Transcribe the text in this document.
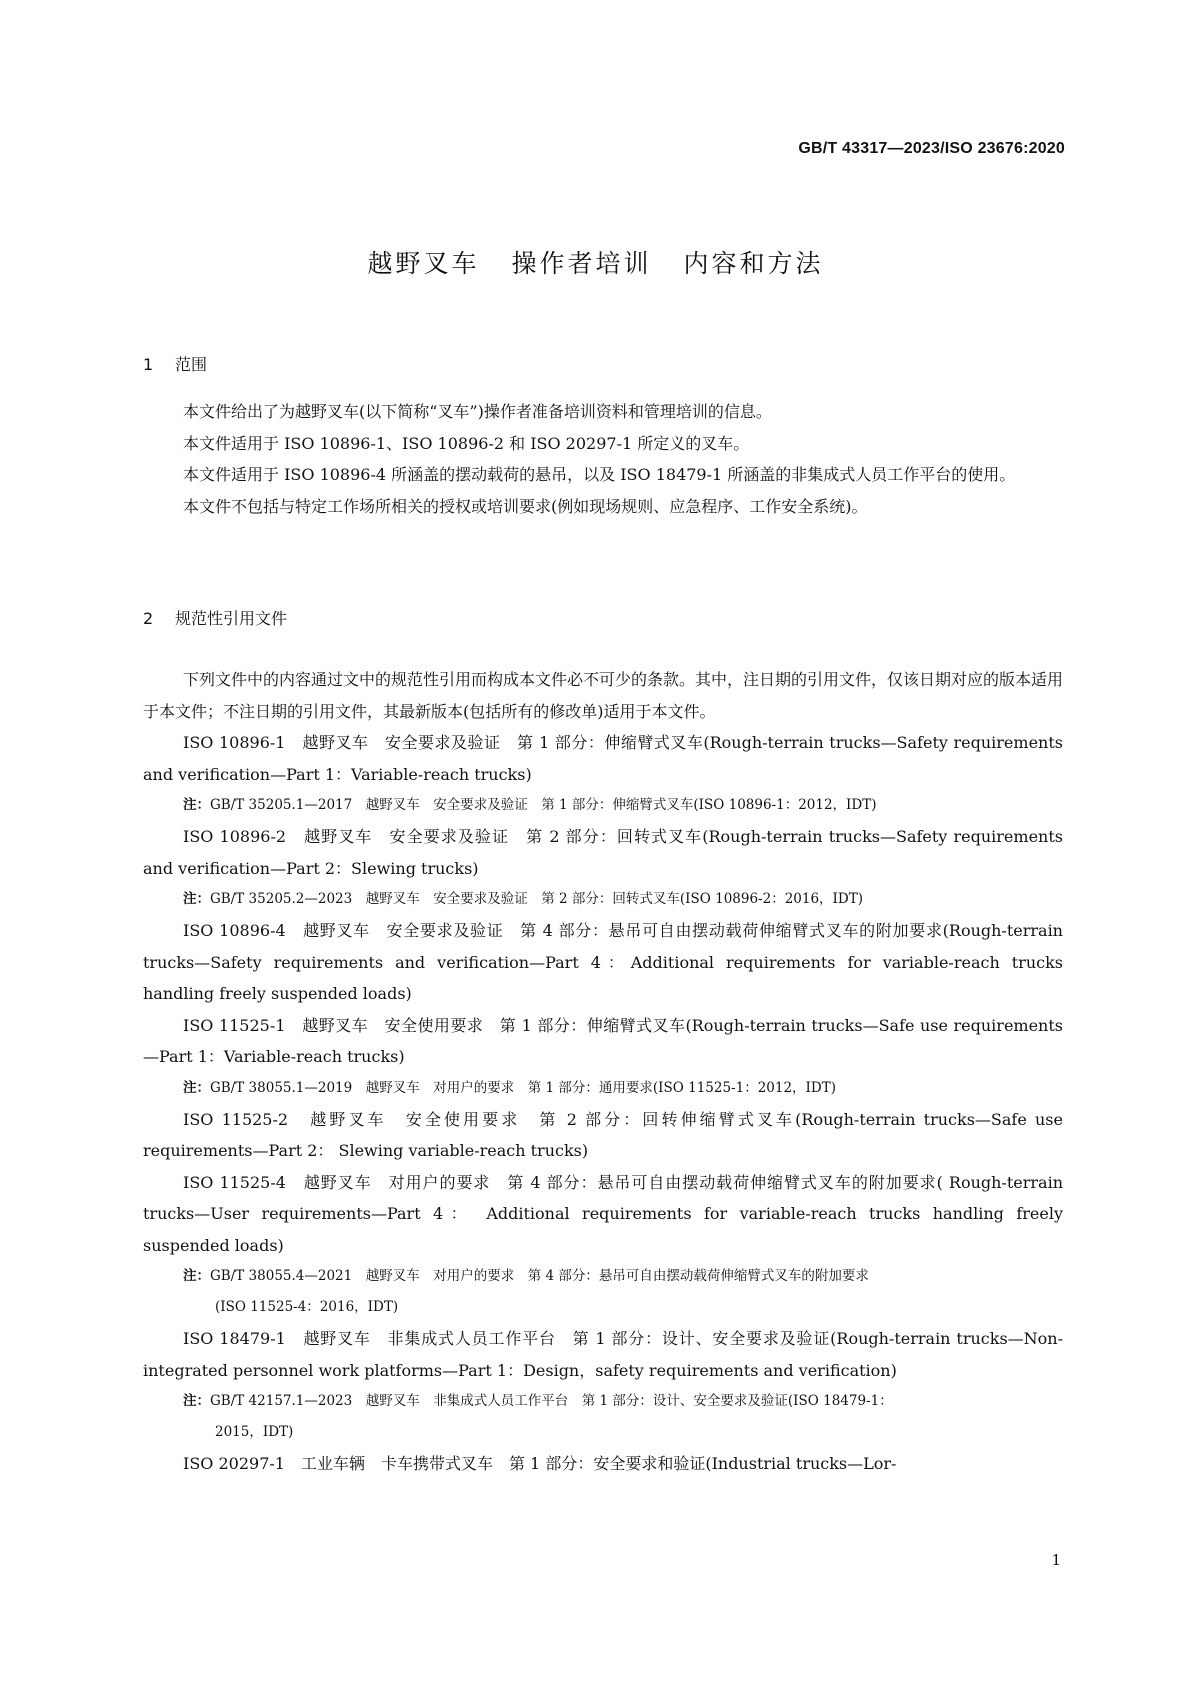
GB/T 43317—2023/ISO 23676:2020
越野叉车 操作者培训 内容和方法
1 范围

本文件给出了为越野叉车(以下简称“叉车”)操作者准备培训资料和管理培训的信息。

本文件适用于 ISO 10896-1、ISO 10896-2 和 ISO 20297-1 所定义的叉车。

本文件适用于 ISO 10896-4 所涵盖的摆动载荷的悬吊，以及 ISO 18479-1 所涵盖的非集成式人员工作平台的使用。

本文件不包括与特定工作场所相关的授权或培训要求(例如现场规则、应急程序、工作安全系统)。

2 规范性引用文件

下列文件中的内容通过文中的规范性引用而构成本文件必不可少的条款。其中，注日期的引用文件，仅该日期对应的版本适用于本文件；不注日期的引用文件，其最新版本(包括所有的修改单)适用于本文件。

ISO 10896-1　越野叉车　安全要求及验证　第 1 部分：伸缩臂式叉车(Rough-terrain trucks—Safety requirements and verification—Part 1：Variable-reach trucks)

注：GB/T 35205.1—2017　越野叉车　安全要求及验证　第 1 部分：伸缩臂式叉车(ISO 10896-1：2012，IDT)

ISO 10896-2　越野叉车　安全要求及验证　第 2 部分：回转式叉车(Rough-terrain trucks—Safety requirements and verification—Part 2：Slewing trucks)

注：GB/T 35205.2—2023　越野叉车　安全要求及验证　第 2 部分：回转式叉车(ISO 10896-2：2016，IDT)

ISO 10896-4　越野叉车　安全要求及验证　第 4 部分：悬吊可自由摆动载荷伸缩臂式叉车的附加要求(Rough-terrain trucks—Safety requirements and verification—Part 4：Additional requirements for variable-reach trucks handling freely suspended loads)

ISO 11525-1　越野叉车　安全使用要求　第 1 部分：伸缩臂式叉车(Rough-terrain trucks—Safe use requirements—Part 1：Variable-reach trucks)

注：GB/T 38055.1—2019　越野叉车　对用户的要求　第 1 部分：通用要求(ISO 11525-1：2012，IDT)

ISO 11525-2　越野叉车　安全使用要求　第 2 部分：回转伸缩臂式叉车(Rough-terrain trucks—Safe use requirements—Part 2： Slewing variable-reach trucks)

ISO 11525-4　越野叉车　对用户的要求　第 4 部分：悬吊可自由摆动载荷伸缩臂式叉车的附加要求( Rough-terrain trucks—User requirements—Part 4： Additional requirements for variable-reach trucks handling freely suspended loads)

注：GB/T 38055.4—2021　越野叉车　对用户的要求　第 4 部分：悬吊可自由摆动载荷伸缩臂式叉车的附加要求
(ISO 11525-4：2016，IDT)

ISO 18479-1　越野叉车　非集成式人员工作平台　第 1 部分：设计、安全要求及验证(Rough-terrain trucks—Non-integrated personnel work platforms—Part 1：Design，safety requirements and verification)

注：GB/T 42157.1—2023　越野叉车　非集成式人员工作平台　第 1 部分：设计、安全要求及验证(ISO 18479-1：
2015，IDT)

ISO 20297-1　工业车辆　卡车携带式叉车　第 1 部分：安全要求和验证(Industrial trucks—Lor-

1
